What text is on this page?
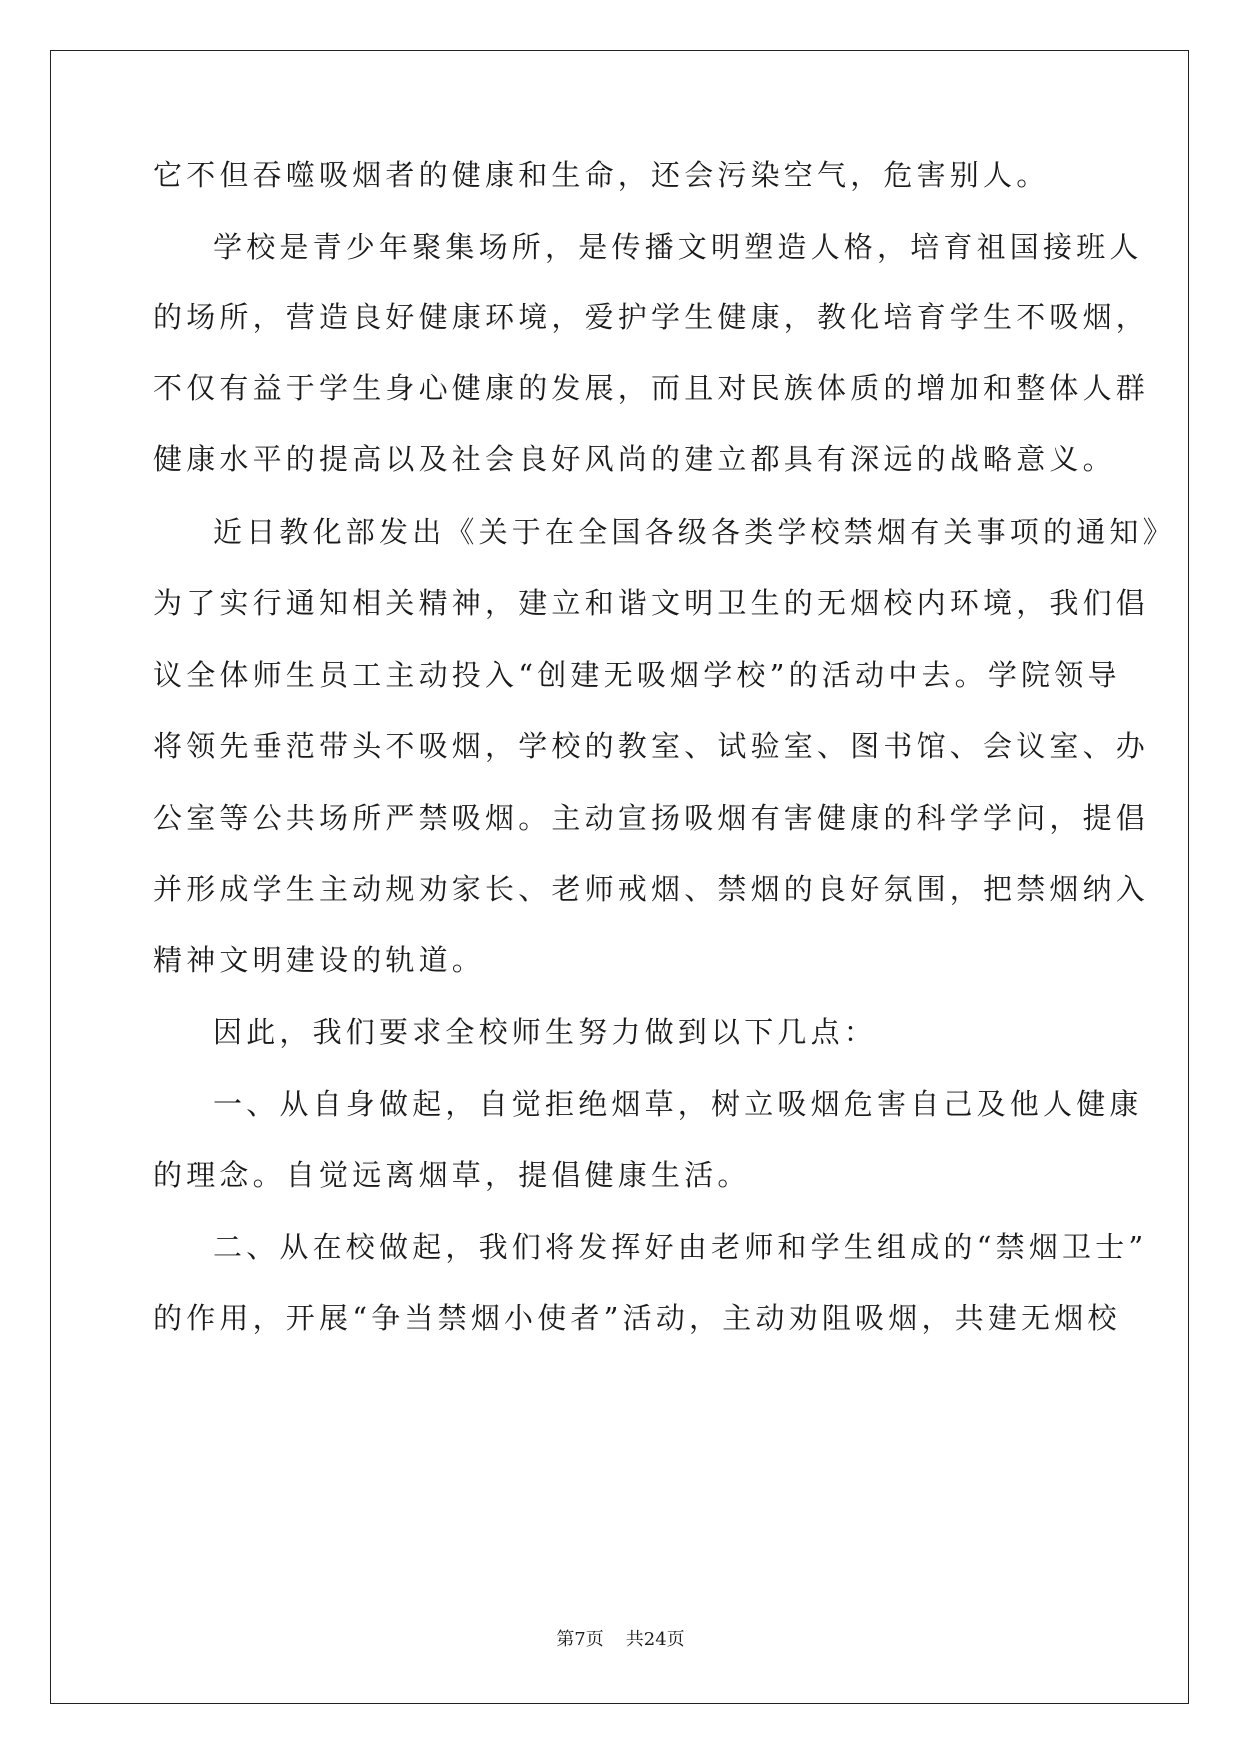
它不但吞噬吸烟者的健康和生命，还会污染空气，危害别人。
学校是青少年聚集场所，是传播文明塑造人格，培育祖国接班人
的场所，营造良好健康环境，爱护学生健康，教化培育学生不吸烟，
不仅有益于学生身心健康的发展，而且对民族体质的增加和整体人群
健康水平的提高以及社会良好风尚的建立都具有深远的战略意义。
近日教化部发出《关于在全国各级各类学校禁烟有关事项的通知》
为了实行通知相关精神，建立和谐文明卫生的无烟校内环境，我们倡
议全体师生员工主动投入“创建无吸烟学校”的活动中去。学院领导
将领先垂范带头不吸烟，学校的教室、试验室、图书馆、会议室、办
公室等公共场所严禁吸烟。主动宣扬吸烟有害健康的科学学问，提倡
并形成学生主动规劝家长、老师戒烟、禁烟的良好氛围，把禁烟纳入
精神文明建设的轨道。
因此，我们要求全校师生努力做到以下几点：
一、从自身做起，自觉拒绝烟草，树立吸烟危害自己及他人健康
的理念。自觉远离烟草，提倡健康生活。
二、从在校做起，我们将发挥好由老师和学生组成的“禁烟卫士”
的作用，开展“争当禁烟小使者”活动，主动劝阻吸烟，共建无烟校
第7页 共24页
